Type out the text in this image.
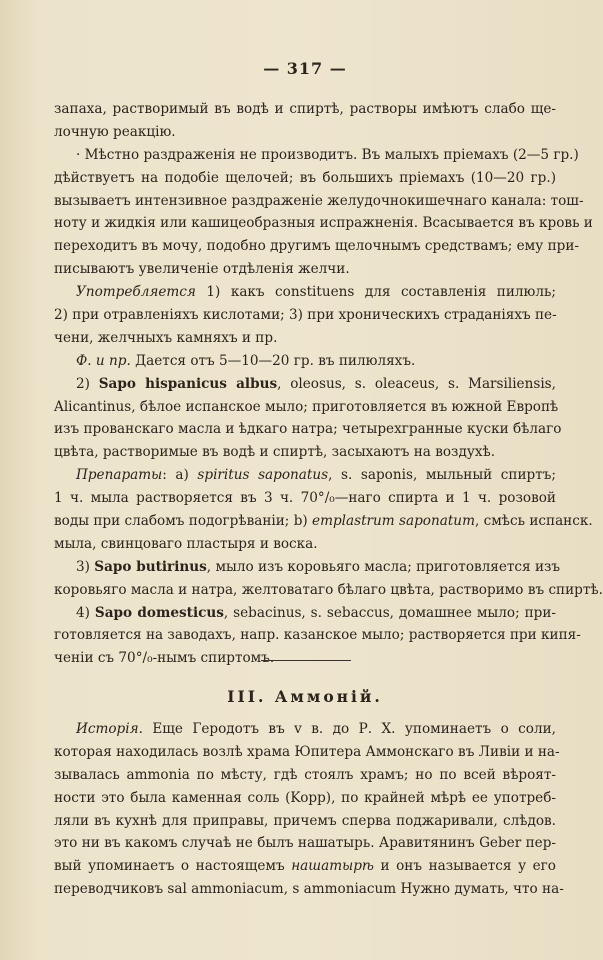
— 317 —
запаха, растворимый въ водѣ и спиртѣ, растворы имѣютъ слабо ще-
лочную реакцію.
· Мѣстно раздраженія не производитъ. Въ малыхъ пріемахъ (2—5 гр.)
дѣйствуетъ на подобіе щелочей; въ большихъ пріемахъ (10—20 гр.)
вызываетъ интензивное раздраженіе желудочнокишечнаго канала: тош-
ноту и жидкія или кашицеобразныя испражненія. Всасывается въ кровь и
переходитъ въ мочу, подобно другимъ щелочнымъ средствамъ; ему при-
писываютъ увеличеніе отдѣленія желчи.
Употребляется 1) какъ constituens для составленія пилюль;
2) при отравленіяхъ кислотами; 3) при хроническихъ страданіяхъ пе-
чени, желчныхъ камняхъ и пр.
Ф. и пр. Дается отъ 5—10—20 гр. въ пилюляхъ.
2) Sapo hispanicus albus, oleosus, s. oleaceus, s. Marsiliensis,
Alicantinus, бѣлое испанское мыло; приготовляется въ южной Европѣ
изъ прованскаго масла и ѣдкаго натра; четырехгранные куски бѣлаго
цвѣта, растворимые въ водѣ и спиртѣ, засыхаютъ на воздухѣ.
Препараты: a) spiritus saponatus, s. saponis, мыльный спиртъ;
1 ч. мыла растворяется въ 3 ч. 70°/₀—наго спирта и 1 ч. розовой
воды при слабомъ подогрѣваніи; b) emplastrum saponatum, смѣсь испанск.
мыла, свинцоваго пластыря и воска.
3) Sapo butirinus, мыло изъ коровьяго масла; приготовляется изъ
коровьяго масла и натра, желтоватаго бѣлаго цвѣта, растворимо въ спиртѣ.
4) Sapo domesticus, sebacinus, s. sebaccus, домашнее мыло; при-
готовляется на заводахъ, напр. казанское мыло; растворяется при кипя-
ченіи съ 70°/₀-нымъ спиртомъ.
III. Аммоній.
Исторія. Еще Геродотъ въ v в. до Р. Х. упоминаетъ о соли,
которая находилась возлѣ храма Юпитера Аммонскаго въ Ливіи и на-
зывалась ammonia по мѣсту, гдѣ стоялъ храмъ; но по всей вѣроят-
ности это была каменная соль (Kopp), по крайней мѣрѣ ее употреб-
ляли въ кухнѣ для приправы, причемъ сперва поджаривали, слѣдов.
это ни въ какомъ случаѣ не былъ нашатырь. Аравитянинъ Geber пер-
вый упоминаетъ о настоящемъ нашатырѣ и онъ называется у его
переводчиковъ sal ammoniacum, s ammoniacum Нужно думать, что на-
